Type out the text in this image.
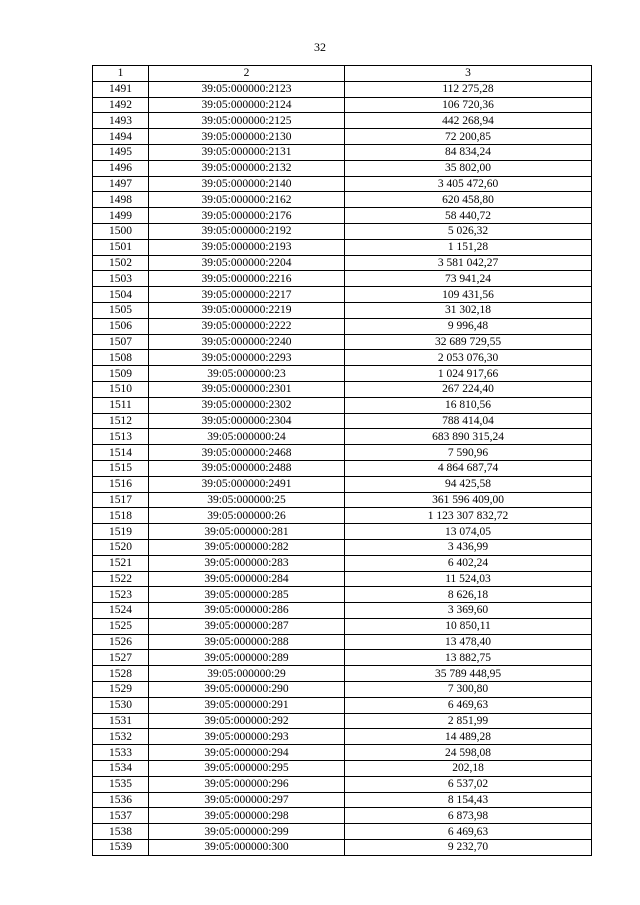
32
1	2	3
1491	39:05:000000:2123	112 275,28
1492	39:05:000000:2124	106 720,36
1493	39:05:000000:2125	442 268,94
1494	39:05:000000:2130	72 200,85
1495	39:05:000000:2131	84 834,24
1496	39:05:000000:2132	35 802,00
1497	39:05:000000:2140	3 405 472,60
1498	39:05:000000:2162	620 458,80
1499	39:05:000000:2176	58 440,72
1500	39:05:000000:2192	5 026,32
1501	39:05:000000:2193	1 151,28
1502	39:05:000000:2204	3 581 042,27
1503	39:05:000000:2216	73 941,24
1504	39:05:000000:2217	109 431,56
1505	39:05:000000:2219	31 302,18
1506	39:05:000000:2222	9 996,48
1507	39:05:000000:2240	32 689 729,55
1508	39:05:000000:2293	2 053 076,30
1509	39:05:000000:23	1 024 917,66
1510	39:05:000000:2301	267 224,40
1511	39:05:000000:2302	16 810,56
1512	39:05:000000:2304	788 414,04
1513	39:05:000000:24	683 890 315,24
1514	39:05:000000:2468	7 590,96
1515	39:05:000000:2488	4 864 687,74
1516	39:05:000000:2491	94 425,58
1517	39:05:000000:25	361 596 409,00
1518	39:05:000000:26	1 123 307 832,72
1519	39:05:000000:281	13 074,05
1520	39:05:000000:282	3 436,99
1521	39:05:000000:283	6 402,24
1522	39:05:000000:284	11 524,03
1523	39:05:000000:285	8 626,18
1524	39:05:000000:286	3 369,60
1525	39:05:000000:287	10 850,11
1526	39:05:000000:288	13 478,40
1527	39:05:000000:289	13 882,75
1528	39:05:000000:29	35 789 448,95
1529	39:05:000000:290	7 300,80
1530	39:05:000000:291	6 469,63
1531	39:05:000000:292	2 851,99
1532	39:05:000000:293	14 489,28
1533	39:05:000000:294	24 598,08
1534	39:05:000000:295	202,18
1535	39:05:000000:296	6 537,02
1536	39:05:000000:297	8 154,43
1537	39:05:000000:298	6 873,98
1538	39:05:000000:299	6 469,63
1539	39:05:000000:300	9 232,70
